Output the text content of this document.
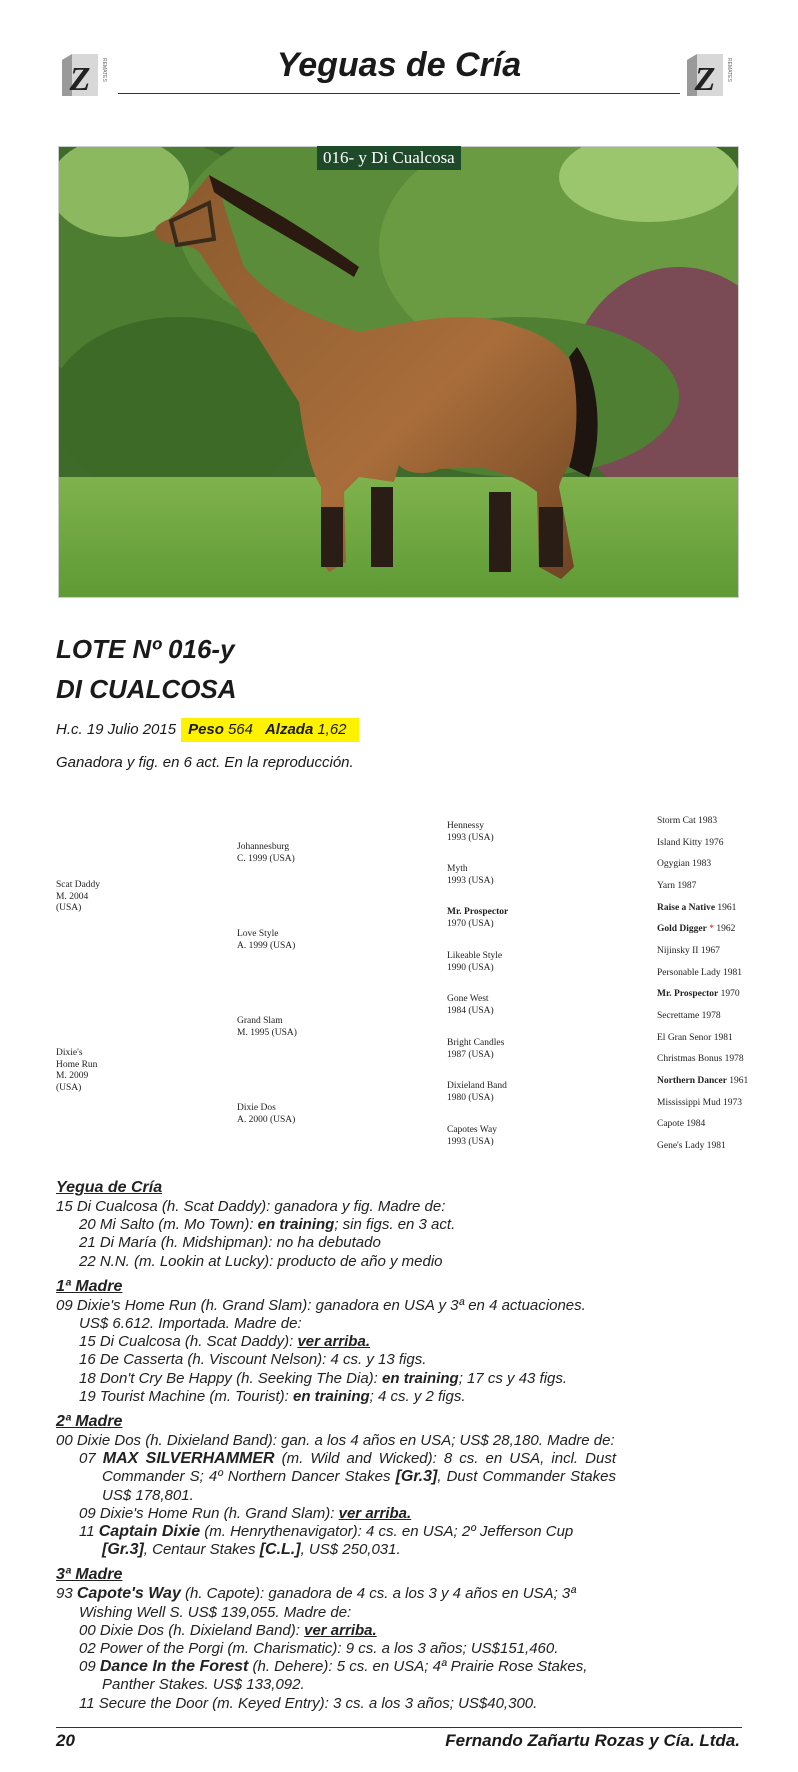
Z REMATES	Yeguas de Cría	Z REMATES
016- y Di Cualcosa
LOTE Nº 016-y
DI CUALCOSA
H.c. 19 Julio 2015 Peso 564 Alzada 1,62
Ganadora y fig. en 6 act. En la reproducción.
Scat Daddy
M. 2004
(USA)
Dixie's
Home Run
M. 2009
(USA)
Johannesburg
C. 1999 (USA)
Love Style
A. 1999 (USA)
Grand Slam
M. 1995 (USA)
Dixie Dos
A. 2000 (USA)
Hennessy
1993 (USA)
Myth
1993 (USA)
Mr. Prospector
1970 (USA)
Likeable Style
1990 (USA)
Gone West
1984 (USA)
Bright Candles
1987 (USA)
Dixieland Band
1980 (USA)
Capotes Way
1993 (USA)
Storm Cat 1983
Island Kitty 1976
Ogygian 1983
Yarn 1987
Raise a Native 1961
Gold Digger * 1962
Nijinsky II 1967
Personable Lady 1981
Mr. Prospector 1970
Secrettame 1978
El Gran Senor 1981
Christmas Bonus 1978
Northern Dancer 1961
Mississippi Mud 1973
Capote 1984
Gene's Lady 1981
Yegua de Cría
15 Di Cualcosa (h. Scat Daddy): ganadora y fig. Madre de:
20 Mi Salto (m. Mo Town): en training; sin figs. en 3 act.
21 Di María (h. Midshipman): no ha debutado
22 N.N. (m. Lookin at Lucky): producto de año y medio
1ª Madre
09 Dixie's Home Run (h. Grand Slam): ganadora en USA y 3ª en 4 actuaciones. US$ 6.612. Importada. Madre de:
15 Di Cualcosa (h. Scat Daddy): ver arriba.
16 De Casserta (h. Viscount Nelson): 4 cs. y 13 figs.
18 Don't Cry Be Happy (h. Seeking The Dia): en training; 17 cs y 43 figs.
19 Tourist Machine (m. Tourist): en training; 4 cs. y 2 figs.
2ª Madre
00 Dixie Dos (h. Dixieland Band): gan. a los 4 años en USA; US$ 28,180. Madre de:
07 MAX SILVERHAMMER (m. Wild and Wicked): 8 cs. en USA, incl. Dust Commander S; 4º Northern Dancer Stakes [Gr.3], Dust Commander Stakes US$ 178,801.
09 Dixie's Home Run (h. Grand Slam): ver arriba.
11 Captain Dixie (m. Henrythenavigator): 4 cs. en USA; 2º Jefferson Cup [Gr.3], Centaur Stakes [C.L.], US$ 250,031.
3ª Madre
93 Capote's Way (h. Capote): ganadora de 4 cs. a los 3 y 4 años en USA; 3ª Wishing Well S. US$ 139,055. Madre de:
00 Dixie Dos (h. Dixieland Band): ver arriba.
02 Power of the Porgi (m. Charismatic): 9 cs. a los 3 años; US$151,460.
09 Dance In the Forest (h. Dehere): 5 cs. en USA; 4ª Prairie Rose Stakes, Panther Stakes. US$ 133,092.
11 Secure the Door (m. Keyed Entry): 3 cs. a los 3 años; US$40,300.
20	Fernando Zañartu Rozas y Cía. Ltda.
